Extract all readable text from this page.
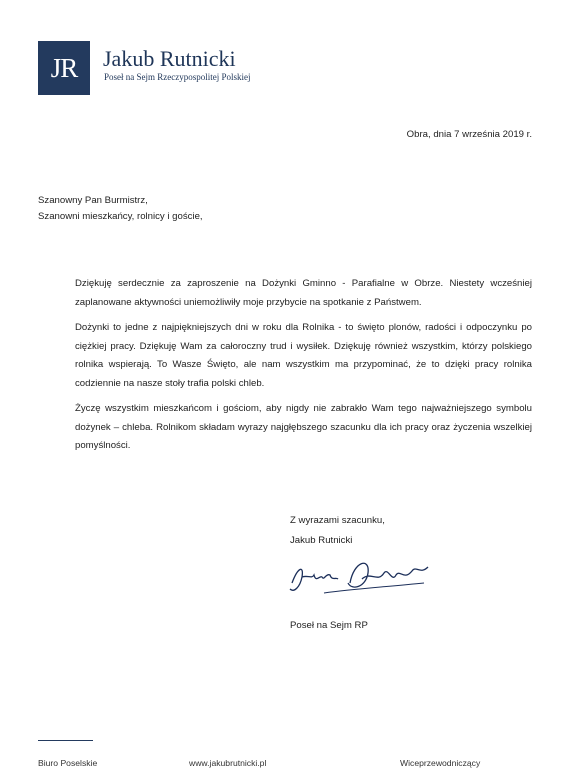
JR Jakub Rutnicki
Poseł na Sejm Rzeczypospolitej Polskiej
Obra, dnia 7 września 2019 r.
Szanowny Pan Burmistrz,
Szanowni mieszkańcy, rolnicy i goście,

Dziękuję serdecznie za zaproszenie na Dożynki Gminno - Parafialne w Obrze. Niestety wcześniej zaplanowane aktywności uniemożliwiły moje przybycie na spotkanie z Państwem.

Dożynki to jedne z najpiękniejszych dni w roku dla Rolnika - to święto plonów, radości i odpoczynku po ciężkiej pracy. Dziękuję Wam za całoroczny trud i wysiłek. Dziękuję również wszystkim, którzy polskiego rolnika wspierają. To Wasze Święto, ale nam wszystkim ma przypominać, że to dzięki pracy rolnika codziennie na nasze stoły trafia polski chleb.

Życzę wszystkim mieszkańcom i gościom, aby nigdy nie zabrakło Wam tego najważniejszego symbolu dożynek – chleba. Rolnikom składam wyrazy najgłębszego szacunku dla ich pracy oraz życzenia wszelkiej pomyślności.

Z wyrazami szacunku,
Jakub Rutnicki
Poseł na Sejm RP
Biuro Poselskie	www.jakubrutnicki.pl	Wiceprzewodniczący
